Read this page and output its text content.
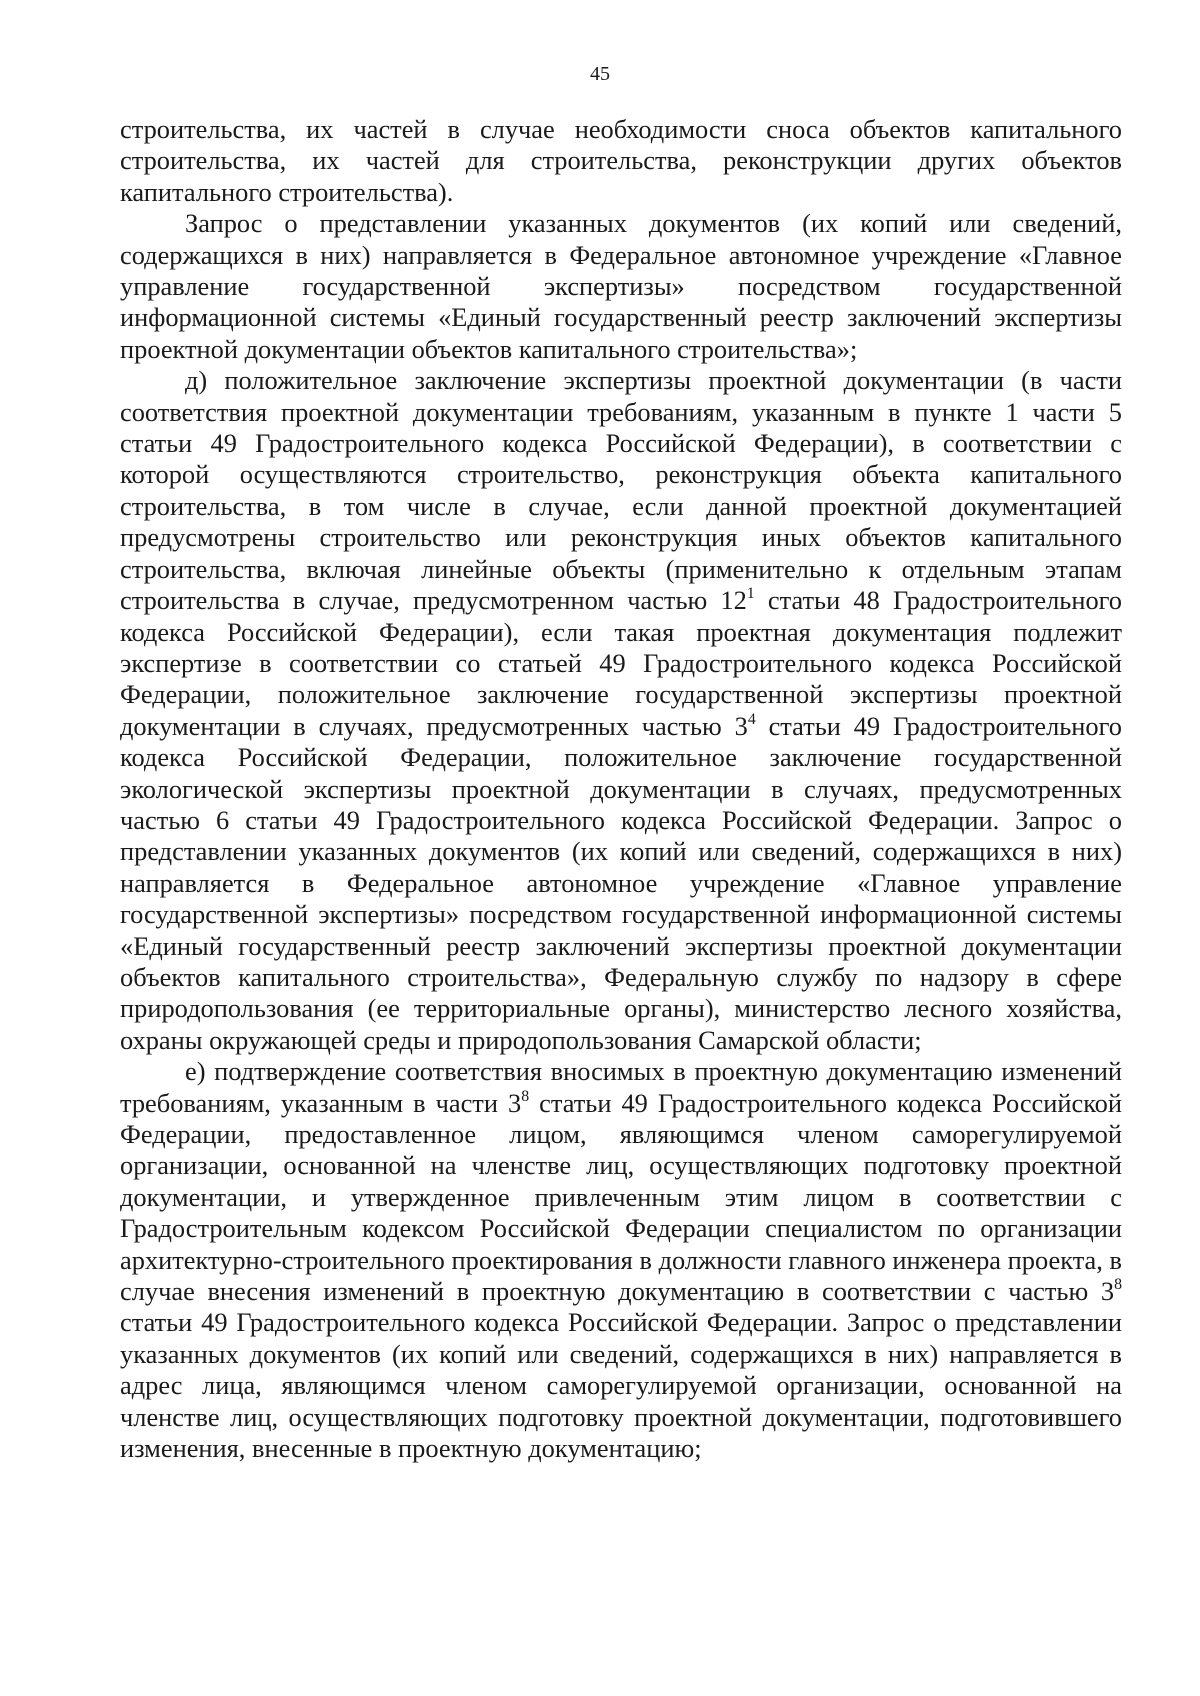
45

строительства, их частей в случае необходимости сноса объектов капитального строительства, их частей для строительства, реконструкции других объектов капитального строительства).

Запрос о представлении указанных документов (их копий или сведений, содержащихся в них) направляется в Федеральное автономное учреждение «Главное управление государственной экспертизы» посредством государственной информационной системы «Единый государственный реестр заключений экспертизы проектной документации объектов капитального строительства»;

д) положительное заключение экспертизы проектной документации (в части соответствия проектной документации требованиям, указанным в пункте 1 части 5 статьи 49 Градостроительного кодекса Российской Федерации), в соответствии с которой осуществляются строительство, реконструкция объекта капитального строительства, в том числе в случае, если данной проектной документацией предусмотрены строительство или реконструкция иных объектов капитального строительства, включая линейные объекты (применительно к отдельным этапам строительства в случае, предусмотренном частью $12^1$ статьи 48 Градостроительного кодекса Российской Федерации), если такая проектная документация подлежит экспертизе в соответствии со статьей 49 Градостроительного кодекса Российской Федерации, положительное заключение государственной экспертизы проектной документации в случаях, предусмотренных частью $3^4$ статьи 49 Градостроительного кодекса Российской Федерации, положительное заключение государственной экологической экспертизы проектной документации в случаях, предусмотренных частью 6 статьи 49 Градостроительного кодекса Российской Федерации. Запрос о представлении указанных документов (их копий или сведений, содержащихся в них) направляется в Федеральное автономное учреждение «Главное управление государственной экспертизы» посредством государственной информационной системы «Единый государственный реестр заключений экспертизы проектной документации объектов капитального строительства», Федеральную службу по надзору в сфере природопользования (ее территориальные органы), министерство лесного хозяйства, охраны окружающей среды и природопользования Самарской области;

е) подтверждение соответствия вносимых в проектную документацию изменений требованиям, указанным в части $3^8$ статьи 49 Градостроительного кодекса Российской Федерации, предоставленное лицом, являющимся членом саморегулируемой организации, основанной на членстве лиц, осуществляющих подготовку проектной документации, и утвержденное привлеченным этим лицом в соответствии с Градостроительным кодексом Российской Федерации специалистом по организации архитектурно-строительного проектирования в должности главного инженера проекта, в случае внесения изменений в проектную документацию в соответствии с частью $3^8$ статьи 49 Градостроительного кодекса Российской Федерации. Запрос о представлении указанных документов (их копий или сведений, содержащихся в них) направляется в адрес лица, являющимся членом саморегулируемой организации, основанной на членстве лиц, осуществляющих подготовку проектной документации, подготовившего изменения, внесенные в проектную документацию;
